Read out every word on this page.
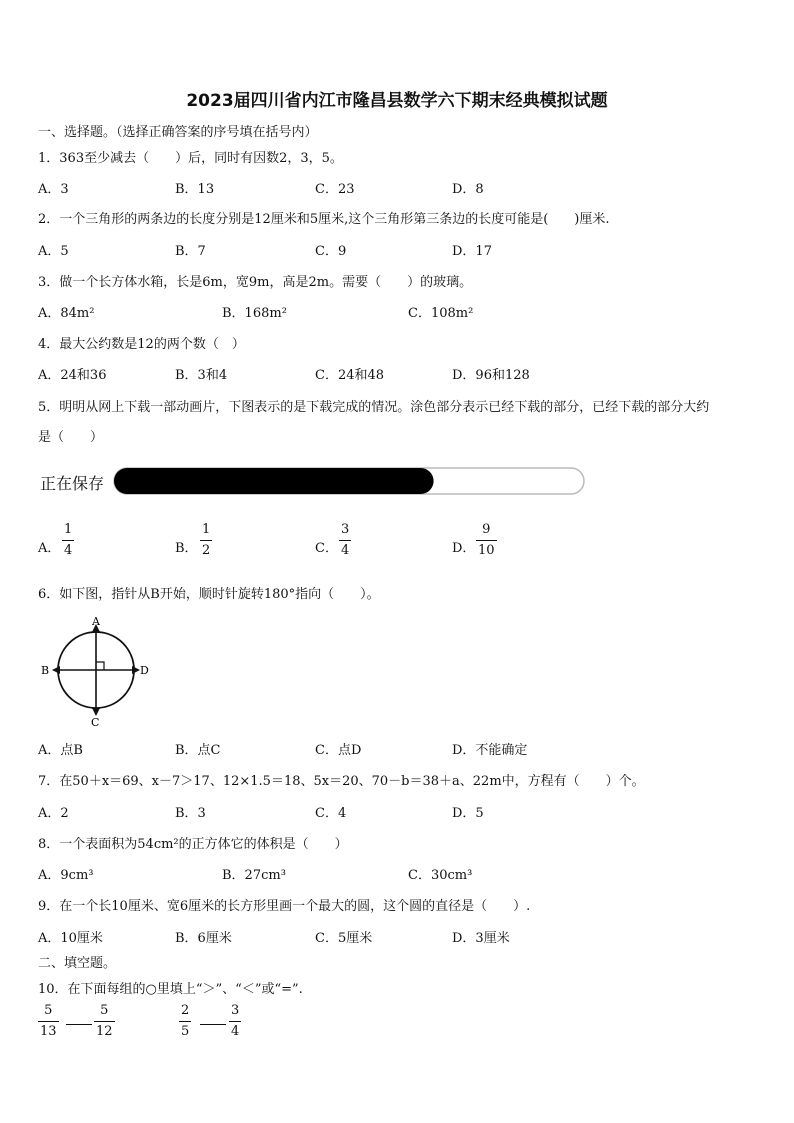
2023届四川省内江市隆昌县数学六下期末经典模拟试题
一、选择题。（选择正确答案的序号填在括号内）
1．363至少减去（　　）后，同时有因数2，3，5。
A．3	B．13	C．23	D．8
2．一个三角形的两条边的长度分别是12厘米和5厘米,这个三角形第三条边的长度可能是(　　)厘米.
A．5	B．7	C．9	D．17
3．做一个长方体水箱，长是6m，宽9m，高是2m。需要（　　）的玻璃。
A．84m²	B．168m²	C．108m²
4．最大公约数是12的两个数（　）
A．24和36	B．3和4	C．24和48	D．96和128
5．明明从网上下载一部动画片，下图表示的是下载完成的情况。涂色部分表示已经下载的部分，已经下载的部分大约
是（　　）
正在保存
A．
1
4	B．
1
2	C．
3
4	D．
9
10
6．如下图，指针从B开始，顺时针旋转180°指向（　　）。
A
B
C
D
A．点B	B．点C	C．点D	D．不能确定
7．在50＋x＝69、x－7＞17、12×1.5＝18、5x＝20、70－b＝38＋a、22m中，方程有（　　）个。
A．2	B．3	C．4	D．5
8．一个表面积为54cm²的正方体它的体积是（　　）
A．9cm³	B．27cm³	C．30cm³
9．在一个长10厘米、宽6厘米的长方形里画一个最大的圆，这个圆的直径是（　　）.
A．10厘米	B．6厘米	C．5厘米	D．3厘米
二、填空题。
10．在下面每组的○里填上“＞”、“＜”或“=”.
5
13
5
12
2
5
3
4
